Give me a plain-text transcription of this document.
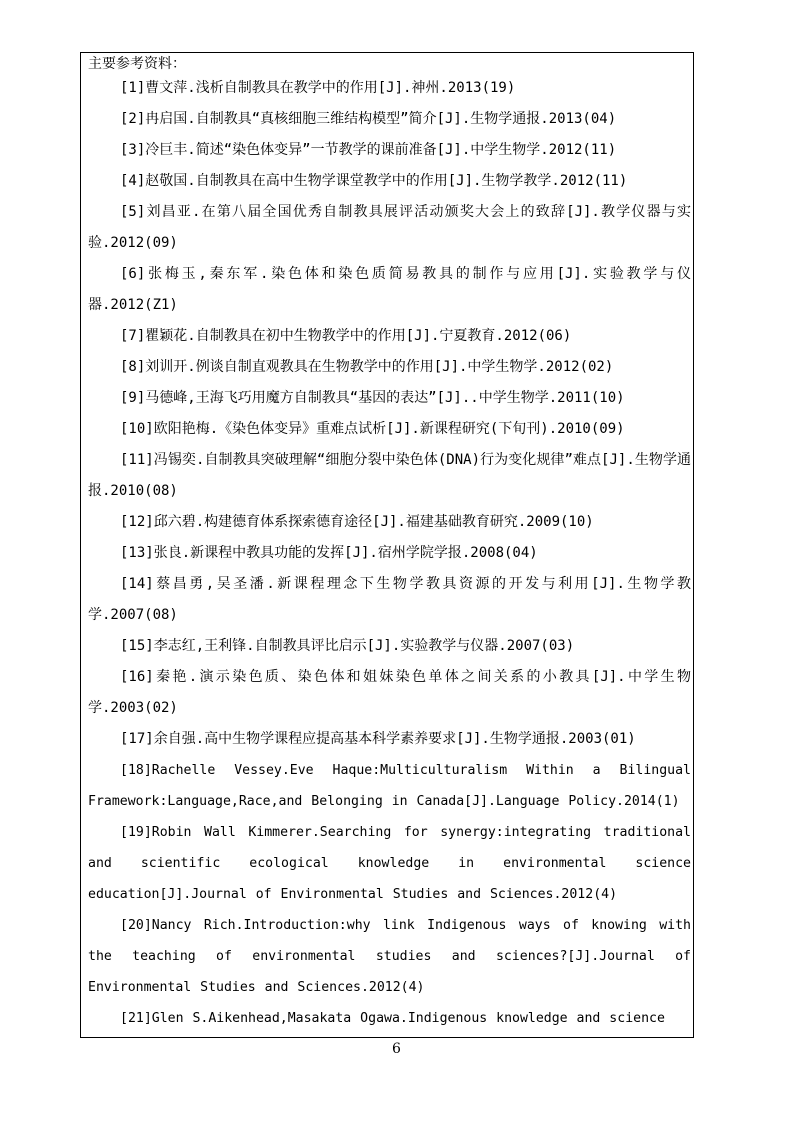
主要参考资料：

[1]曹文萍.浅析自制教具在教学中的作用[J].神州.2013(19)

[2]冉启国.自制教具“真核细胞三维结构模型”简介[J].生物学通报.2013(04)

[3]冷巨丰.简述“染色体变异”一节教学的课前准备[J].中学生物学.2012(11)

[4]赵敬国.自制教具在高中生物学课堂教学中的作用[J].生物学教学.2012(11)

[5]刘昌亚.在第八届全国优秀自制教具展评活动颁奖大会上的致辞[J].教学仪器与实验.2012(09)

[6]张梅玉,秦东军.染色体和染色质简易教具的制作与应用[J].实验教学与仪器.2012(Z1)

[7]瞿颖花.自制教具在初中生物教学中的作用[J].宁夏教育.2012(06)

[8]刘训开.例谈自制直观教具在生物教学中的作用[J].中学生物学.2012(02)

[9]马德峰,王海飞巧用魔方自制教具“基因的表达”[J]..中学生物学.2011(10)

[10]欧阳艳梅.《染色体变异》重难点试析[J].新课程研究(下旬刊).2010(09)

[11]冯锡奕.自制教具突破理解“细胞分裂中染色体(DNA)行为变化规律”难点[J].生物学通报.2010(08)

[12]邱六碧.构建德育体系探索德育途径[J].福建基础教育研究.2009(10)

[13]张良.新课程中教具功能的发挥[J].宿州学院学报.2008(04)

[14]蔡昌勇,吴圣潘.新课程理念下生物学教具资源的开发与利用[J].生物学教学.2007(08)

[15]李志红,王利锋.自制教具评比启示[J].实验教学与仪器.2007(03)

[16]秦艳.演示染色质、染色体和姐妹染色单体之间关系的小教具[J].中学生物学.2003(02)

[17]余自强.高中生物学课程应提高基本科学素养要求[J].生物学通报.2003(01)

[18]Rachelle Vessey.Eve Haque:Multiculturalism Within a Bilingual Framework:Language,Race,and Belonging in Canada[J].Language Policy.2014(1)

[19]Robin Wall Kimmerer.Searching for synergy:integrating traditional and scientific ecological knowledge in environmental science education[J].Journal of Environmental Studies and Sciences.2012(4)

[20]Nancy Rich.Introduction:why link Indigenous ways of knowing with the teaching of environmental studies and sciences?[J].Journal of Environmental Studies and Sciences.2012(4)

[21]Glen S.Aikenhead,Masakata Ogawa.Indigenous knowledge and science

6
